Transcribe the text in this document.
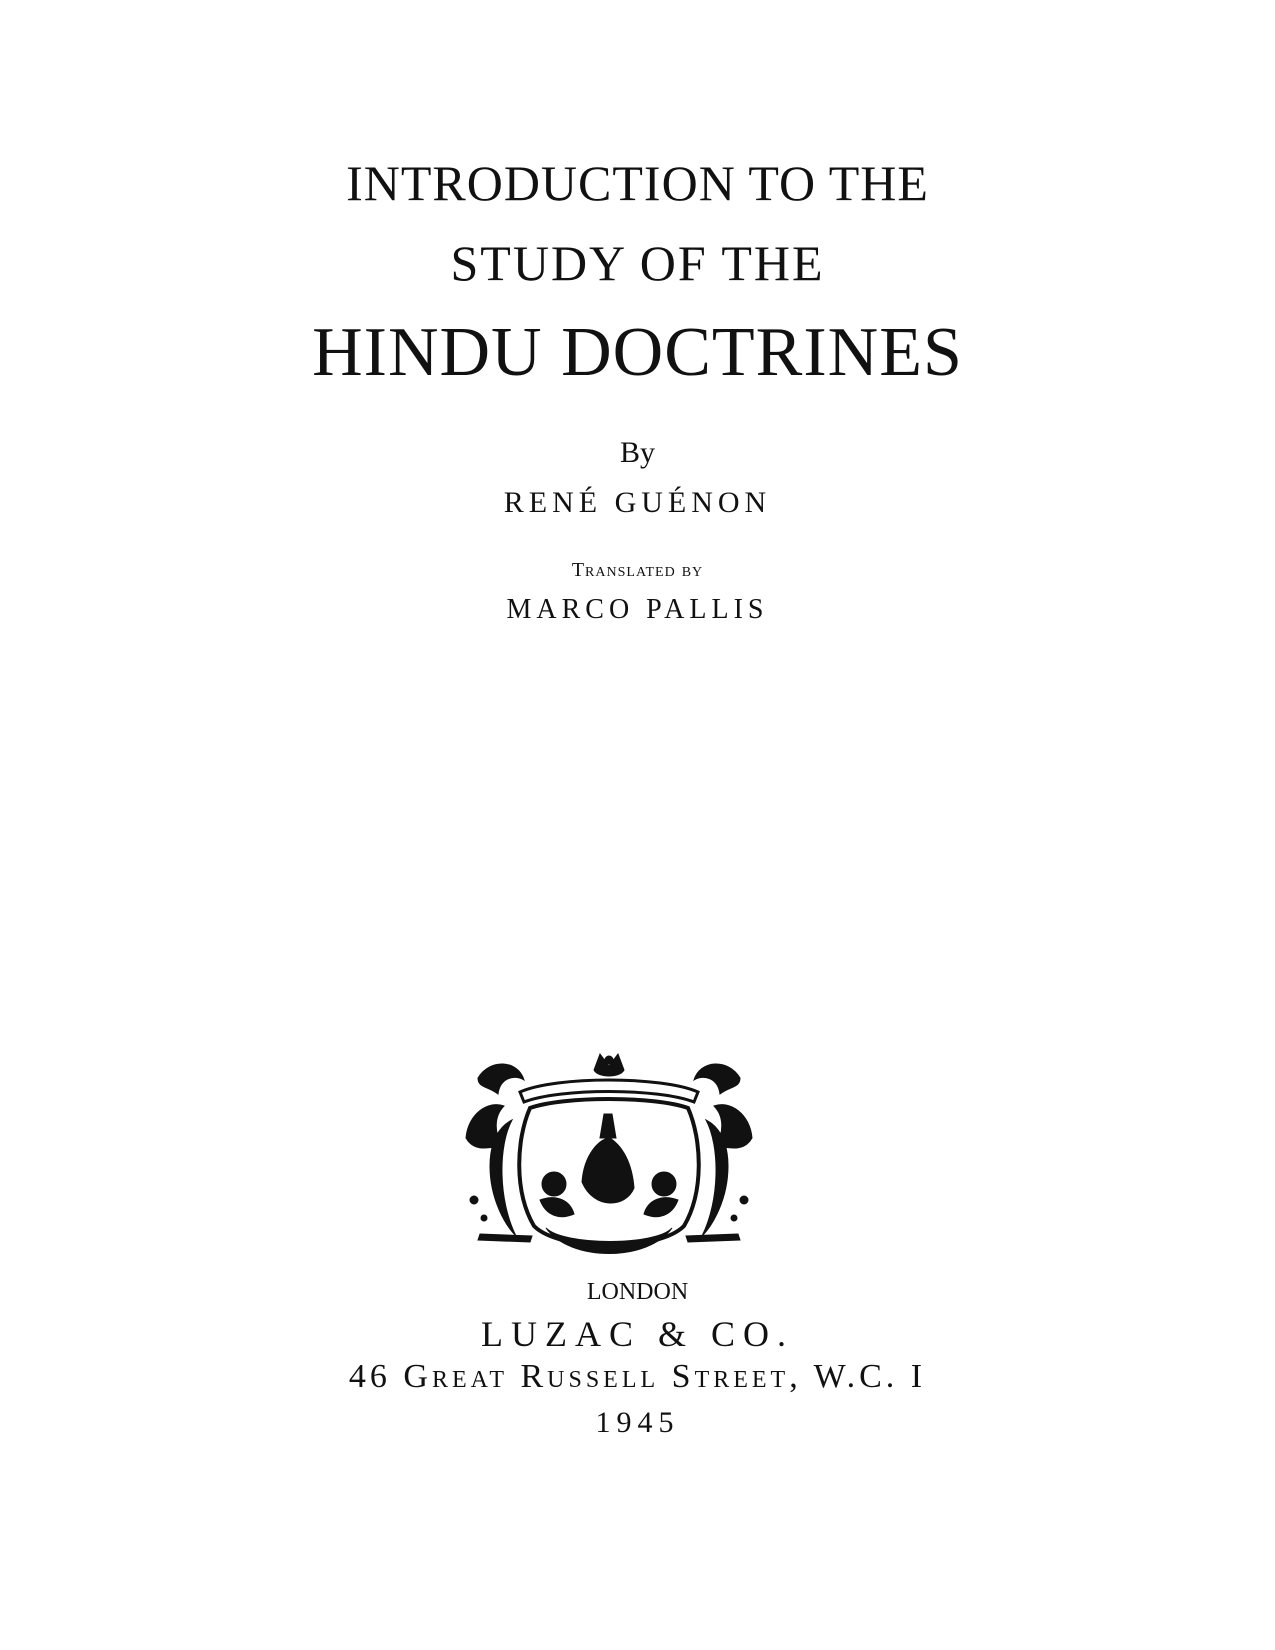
INTRODUCTION TO THE
STUDY OF THE
HINDU DOCTRINES
By
RENÉ GUÉNON
Translated by
MARCO PALLIS
LONDON
LUZAC & CO.
46 Great Russell Street, W.C. I
1945
